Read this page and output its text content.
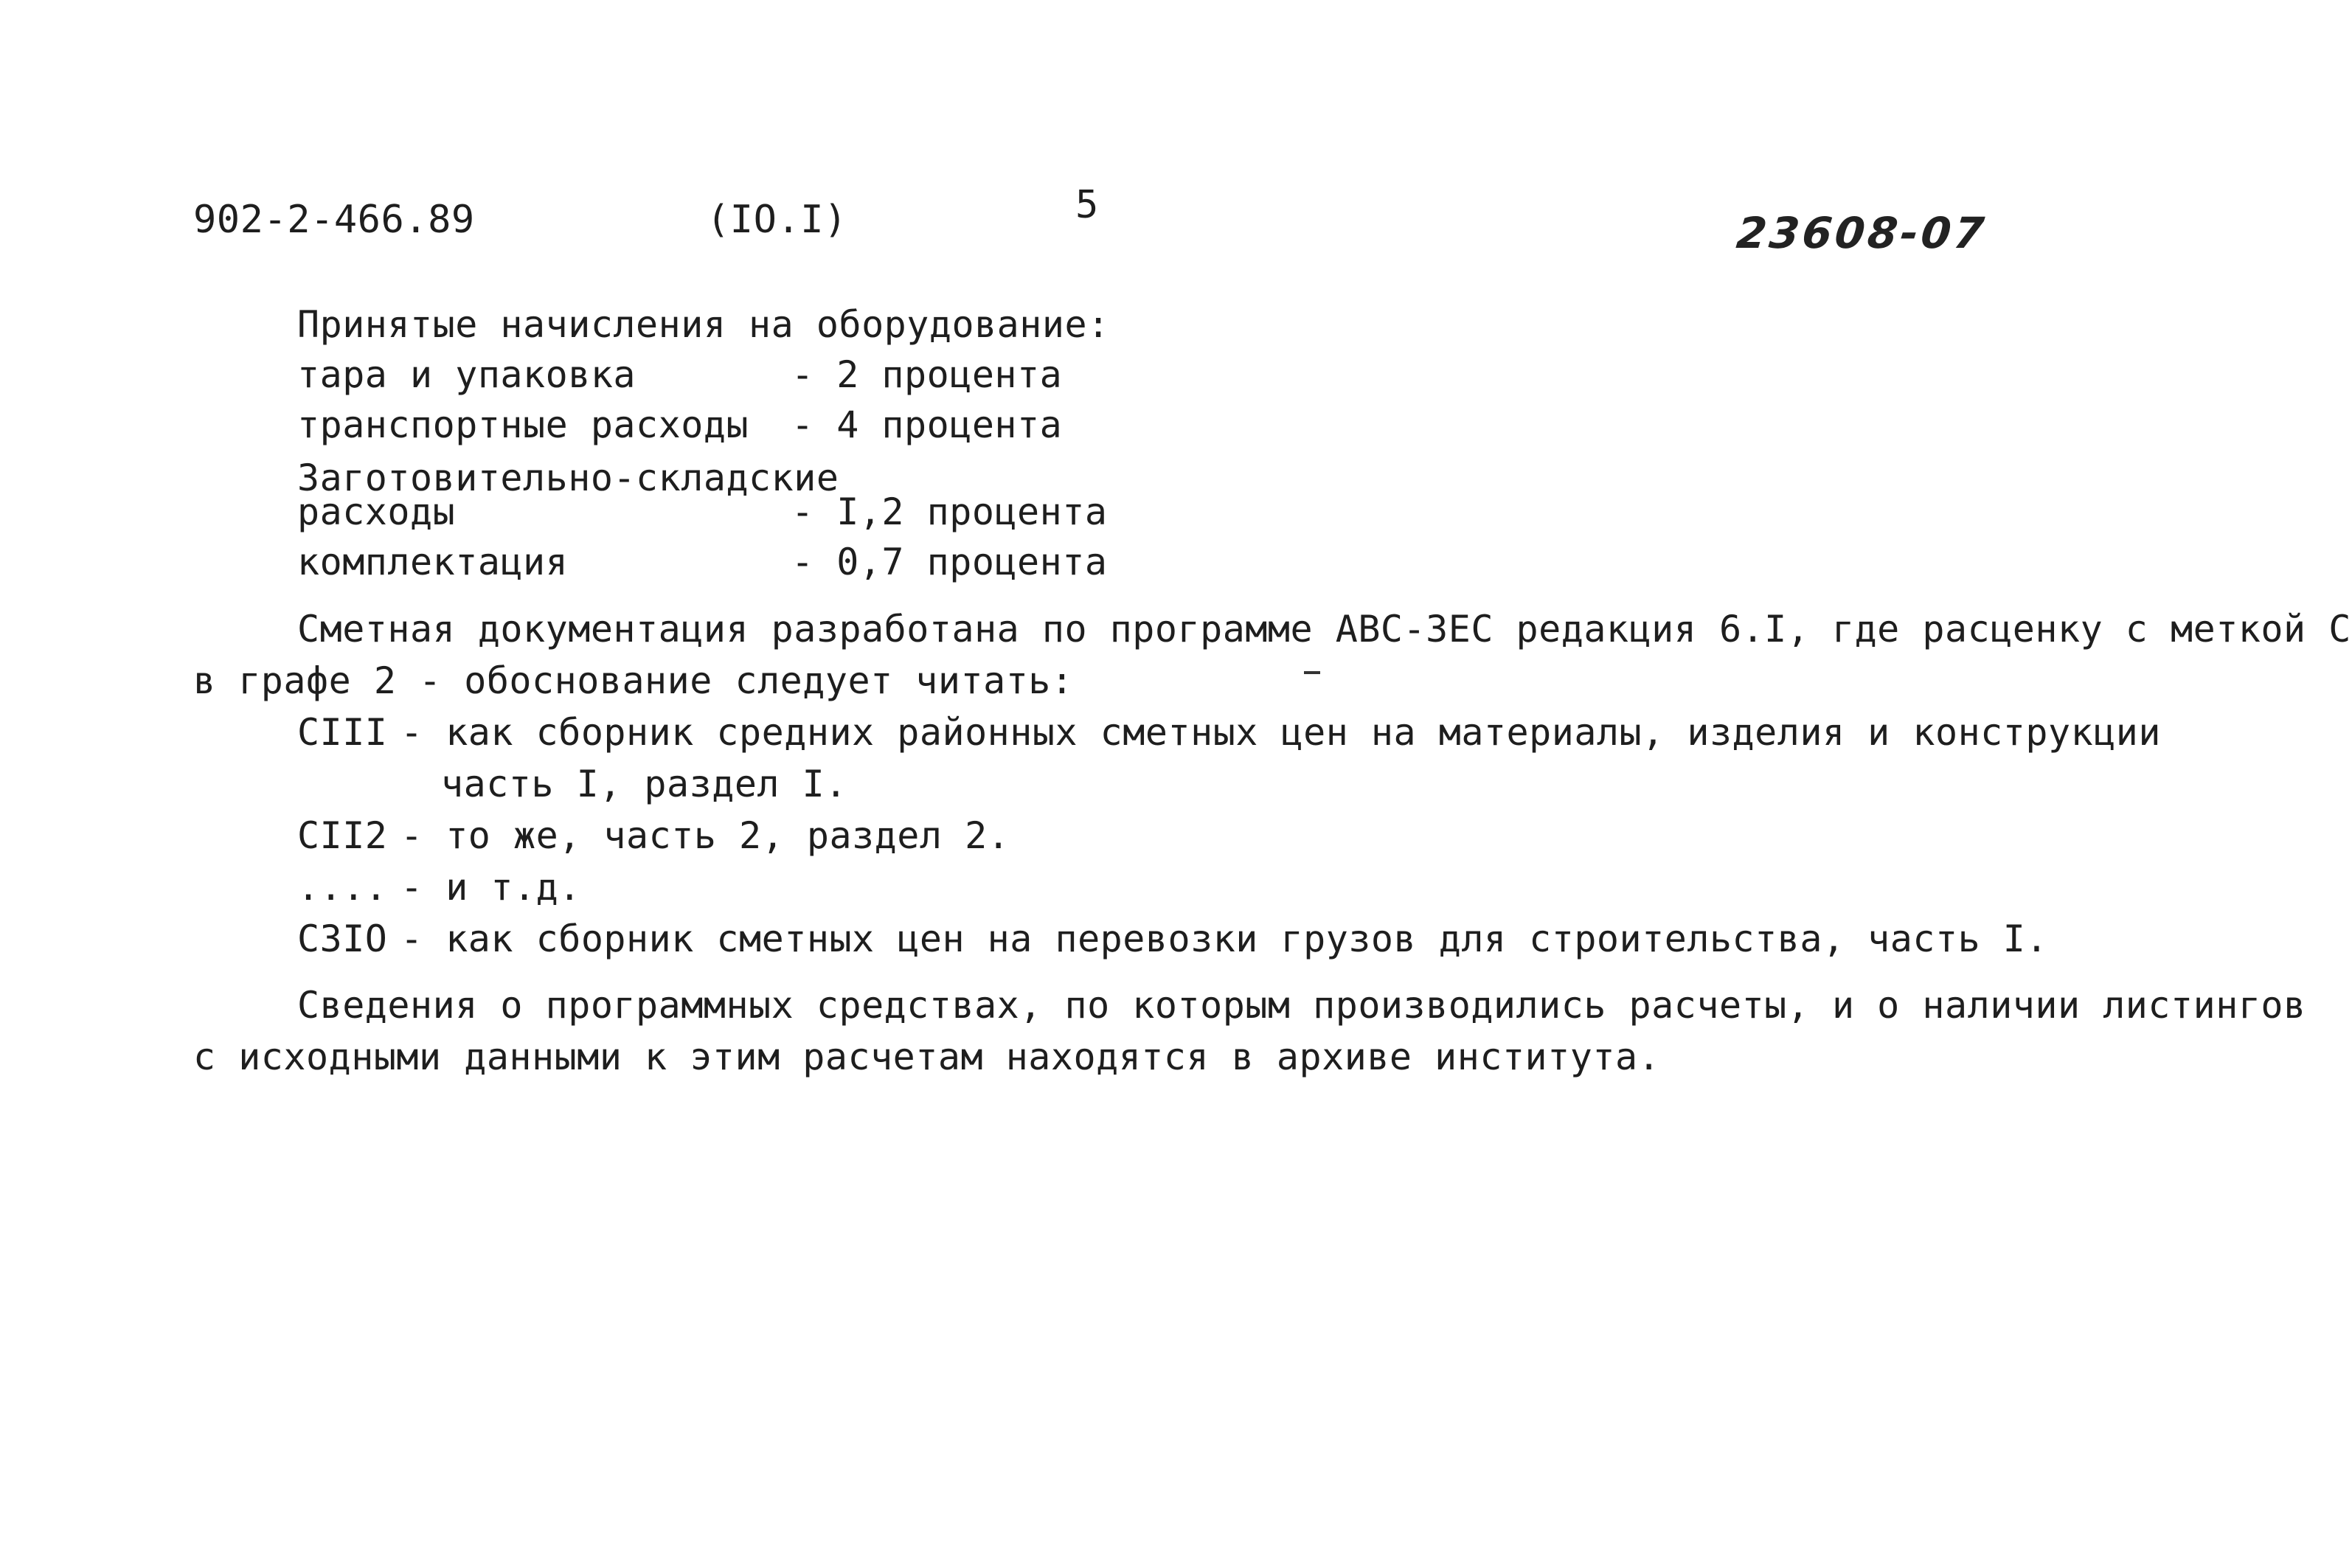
902-2-466.89	(IO.I)	5
23608-07
Принятые начисления на оборудование:
тара и упаковка	- 2 процента
транспортные расходы - 4 процента
Заготовительно-складские
расходы	- I,2 процента
комплектация	- 0,7 процента
Сметная документация разработана по программе АВС-ЗЕС редакция 6.I, где расценку с меткой С
в графе 2 - обоснование следует читать:
CIII - как сборник средних районных сметных цен на материалы, изделия и конструкции
часть I, раздел I.
CII2 - то же, часть 2, раздел 2.
.... - и т.д.
C3IO - как сборник сметных цен на перевозки грузов для строительства, часть I.
Сведения о программных средствах, по которым производились расчеты, и о наличии листингов
с исходными данными к этим расчетам находятся в архиве института.
